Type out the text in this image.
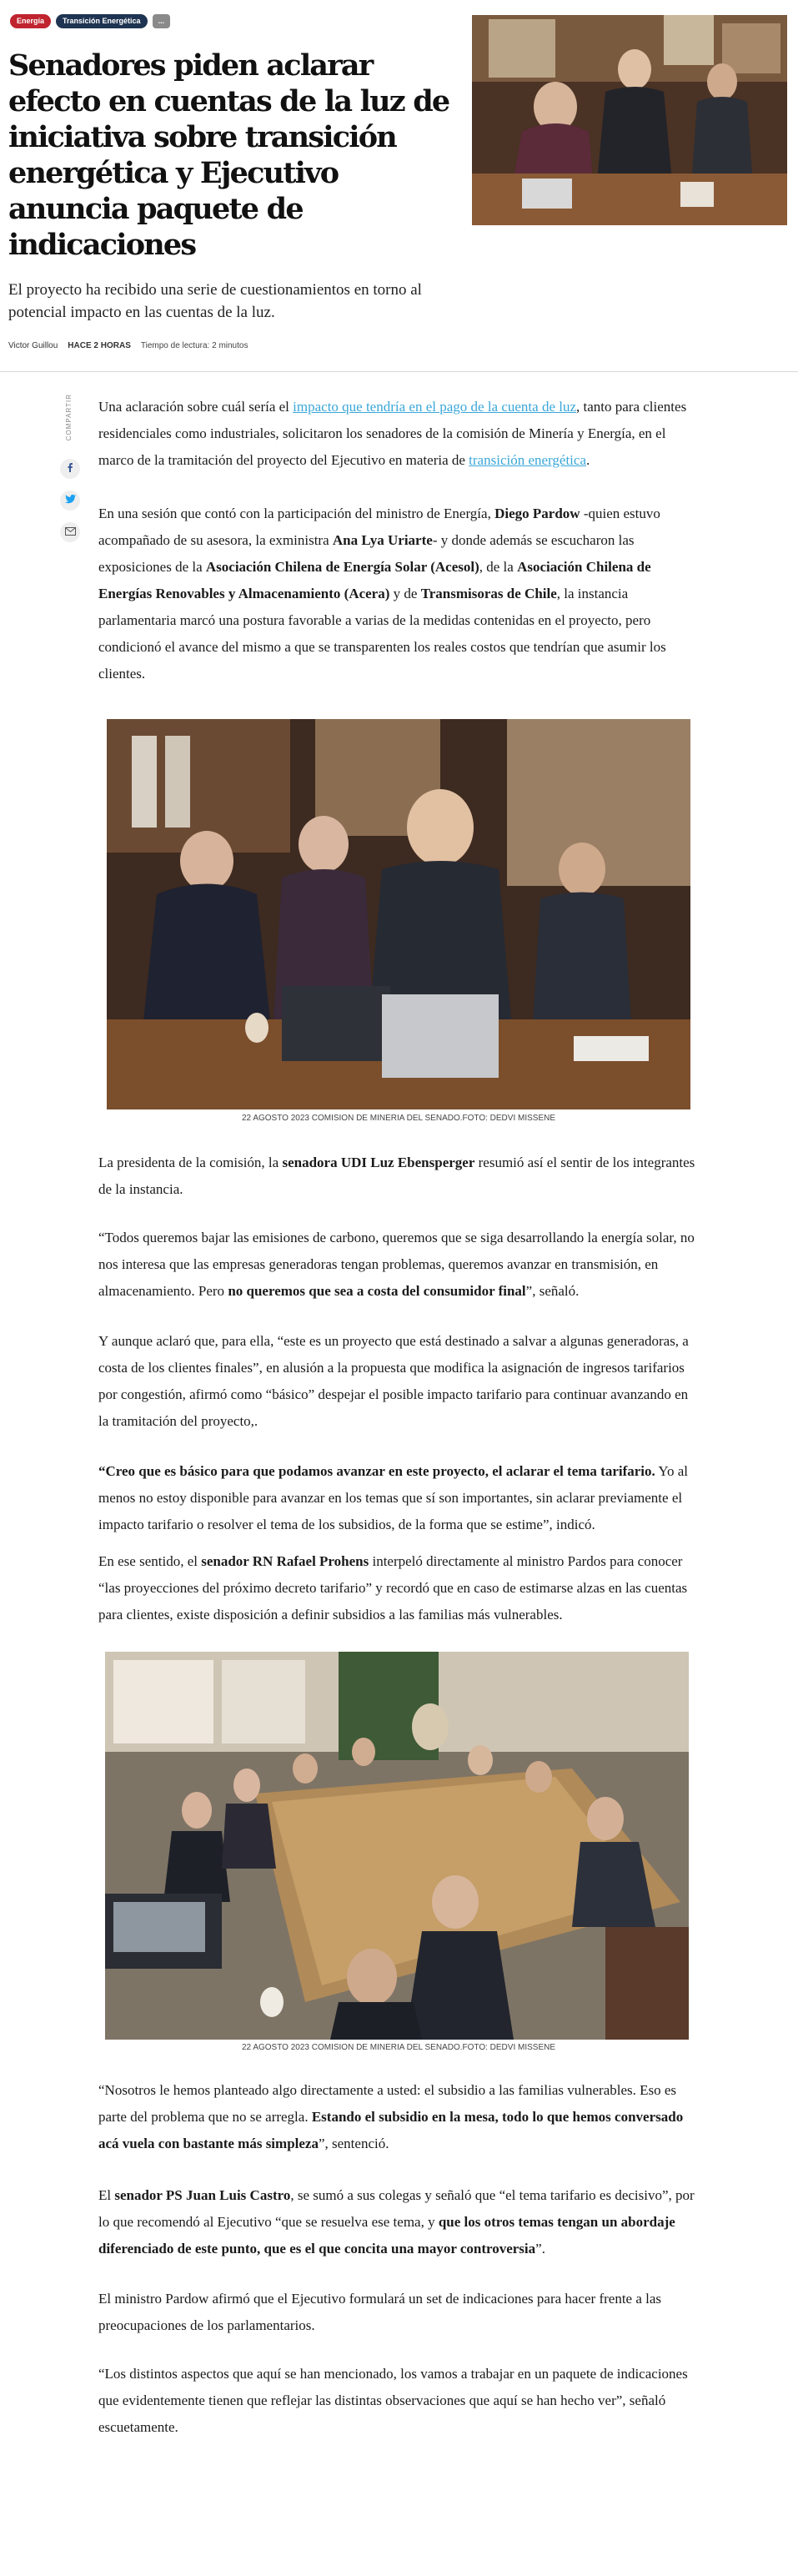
Energía	Transición Energética	...
Senadores piden aclarar efecto en cuentas de la luz de iniciativa sobre transición energética y Ejecutivo anuncia paquete de indicaciones

El proyecto ha recibido una serie de cuestionamientos en torno al potencial impacto en las cuentas de la luz.

Victor Guillou HACE 2 HORAS Tiempo de lectura: 2 minutos
COMPARTIR Una aclaración sobre cuál sería el impacto que tendría en el pago de la cuenta de luz, tanto para clientes residenciales como industriales, solicitaron los senadores de la comisión de Minería y Energía, en el marco de la tramitación del proyecto del Ejecutivo en materia de transición energética.

En una sesión que contó con la participación del ministro de Energía, Diego Pardow -quien estuvo acompañado de su asesora, la exministra Ana Lya Uriarte- y donde además se escucharon las exposiciones de la Asociación Chilena de Energía Solar (Acesol), de la Asociación Chilena de Energías Renovables y Almacenamiento (Acera) y de Transmisoras de Chile, la instancia parlamentaria marcó una postura favorable a varias de la medidas contenidas en el proyecto, pero condicionó el avance del mismo a que se transparenten los reales costos que tendrían que asumir los clientes.

22 AGOSTO 2023 COMISION DE MINERIA DEL SENADO.FOTO: DEDVI MISSENE

La presidenta de la comisión, la senadora UDI Luz Ebensperger resumió así el sentir de los integrantes de la instancia.

“Todos queremos bajar las emisiones de carbono, queremos que se siga desarrollando la energía solar, no nos interesa que las empresas generadoras tengan problemas, queremos avanzar en transmisión, en almacenamiento. Pero no queremos que sea a costa del consumidor final”, señaló.

Y aunque aclaró que, para ella, “este es un proyecto que está destinado a salvar a algunas generadoras, a costa de los clientes finales”, en alusión a la propuesta que modifica la asignación de ingresos tarifarios por congestión, afirmó como “básico” despejar el posible impacto tarifario para continuar avanzando en la tramitación del proyecto,.

“Creo que es básico para que podamos avanzar en este proyecto, el aclarar el tema tarifario. Yo al menos no estoy disponible para avanzar en los temas que sí son importantes, sin aclarar previamente el impacto tarifario o resolver el tema de los subsidios, de la forma que se estime”, indicó.

En ese sentido, el senador RN Rafael Prohens interpeló directamente al ministro Pardos para conocer “las proyecciones del próximo decreto tarifario” y recordó que en caso de estimarse alzas en las cuentas para clientes, existe disposición a definir subsidios a las familias más vulnerables.

22 AGOSTO 2023 COMISION DE MINERIA DEL SENADO.FOTO: DEDVI MISSENE

“Nosotros le hemos planteado algo directamente a usted: el subsidio a las familias vulnerables. Eso es parte del problema que no se arregla. Estando el subsidio en la mesa, todo lo que hemos conversado acá vuela con bastante más simpleza”, sentenció.

El senador PS Juan Luis Castro, se sumó a sus colegas y señaló que “el tema tarifario es decisivo”, por lo que recomendó al Ejecutivo “que se resuelva ese tema, y que los otros temas tengan un abordaje diferenciado de este punto, que es el que concita una mayor controversia”.

El ministro Pardow afirmó que el Ejecutivo formulará un set de indicaciones para hacer frente a las preocupaciones de los parlamentarios.

“Los distintos aspectos que aquí se han mencionado, los vamos a trabajar en un paquete de indicaciones que evidentemente tienen que reflejar las distintas observaciones que aquí se han hecho ver”, señaló escuetamente.
